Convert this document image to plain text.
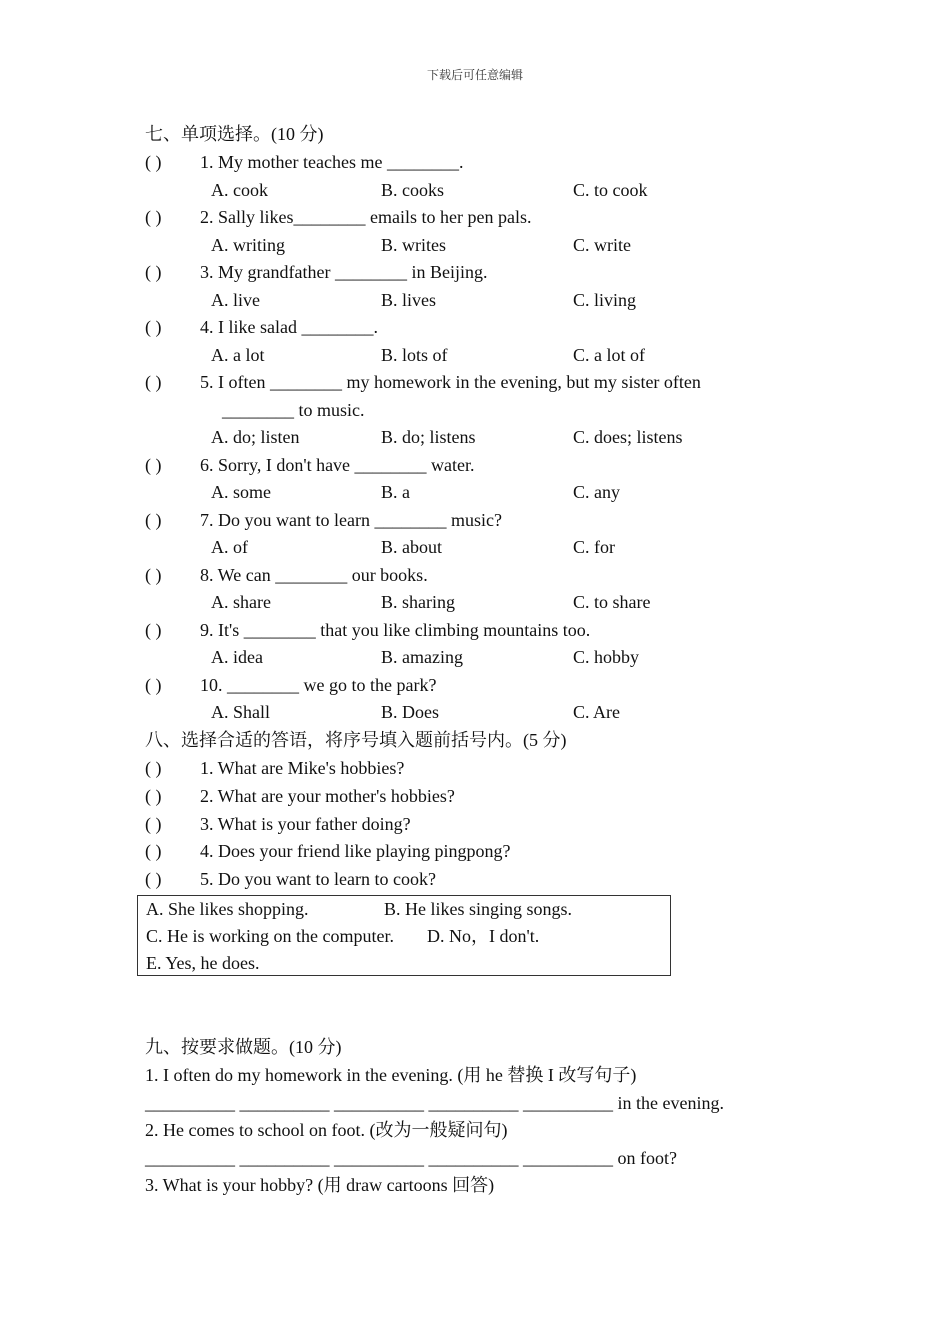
下载后可任意编辑
七、单项选择。(10 分)
( ) 1. My mother teaches me ________.
A. cook	B. cooks	C. to cook
( ) 2. Sally likes________ emails to her pen pals.
A. writing	B. writes	C. write
( ) 3. My grandfather ________ in Beijing.
A. live	B. lives	C. living
( ) 4. I like salad ________.
A. a lot	B. lots of	C. a lot of
( ) 5. I often ________ my homework in the evening, but my sister often
________ to music.
A. do; listen	B. do; listens	C. does; listens
( ) 6. Sorry, I don't have ________ water.
A. some	B. a	C. any
( ) 7. Do you want to learn ________ music?
A. of	B. about	C. for
( ) 8. We can ________ our books.
A. share	B. sharing	C. to share
( ) 9. It's ________ that you like climbing mountains too.
A. idea	B. amazing	C. hobby
( ) 10. ________ we go to the park?
A. Shall	B. Does	C. Are
八、选择合适的答语，将序号填入题前括号内。(5 分)
( ) 1. What are Mike's hobbies?
( ) 2. What are your mother's hobbies?
( ) 3. What is your father doing?
( ) 4. Does your friend like playing pingpong?
( ) 5. Do you want to learn to cook?
A. She likes shopping.	B. He likes singing songs.
C. He is working on the computer. D. No，I don't.
E. Yes, he does.
九、按要求做题。(10 分)
1. I often do my homework in the evening. (用 he 替换 I 改写句子)
__________ __________ __________ __________ __________ in the evening.
2. He comes to school on foot. (改为一般疑问句)
__________ __________ __________ __________ __________ on foot?
3. What is your hobby? (用 draw cartoons 回答)
